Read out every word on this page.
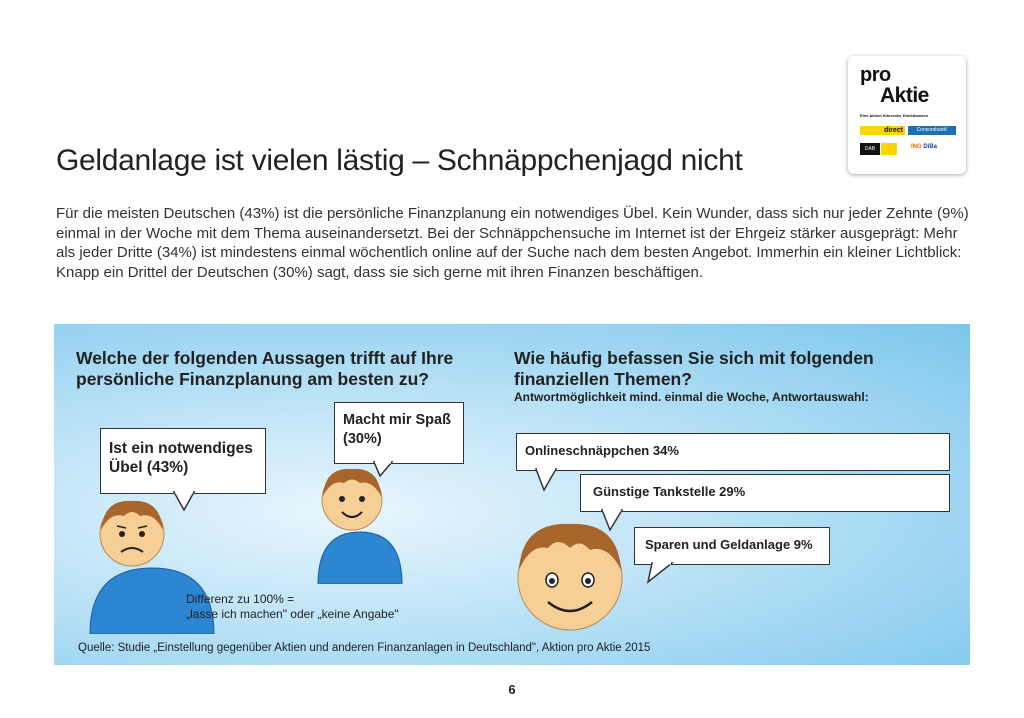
pro
Aktie
Eine Aktion führender Direktbanken
direct	Consorsbank!
DAB bank
ING DiBa
Geldanlage ist vielen lästig – Schnäppchenjagd nicht

Für die meisten Deutschen (43%) ist die persönliche Finanzplanung ein notwendiges Übel. Kein Wunder, dass sich nur jeder Zehnte (9%) einmal in der Woche mit dem Thema auseinandersetzt. Bei der Schnäppchensuche im Internet ist der Ehrgeiz stärker ausgeprägt: Mehr als jeder Dritte (34%) ist mindestens einmal wöchentlich online auf der Suche nach dem besten Angebot. Immerhin ein kleiner Lichtblick: Knapp ein Drittel der Deutschen (30%) sagt, dass sie sich gerne mit ihren Finanzen beschäftigen.

Welche der folgenden Aussagen trifft auf Ihre persönliche Finanzplanung am besten zu?
Wie häufig befassen Sie sich mit folgenden finanziellen Themen?
Antwortmöglichkeit mind. einmal die Woche, Antwortauswahl:
Ist ein notwendiges Übel (43%)
Macht mir Spaß (30%)
Onlineschnäppchen 34%
Günstige Tankstelle 29%
Sparen und Geldanlage 9%
Differenz zu 100% =
„lasse ich machen" oder „keine Angabe"
Quelle: Studie „Einstellung gegenüber Aktien und anderen Finanzanlagen in Deutschland", Aktion pro Aktie 2015
6
